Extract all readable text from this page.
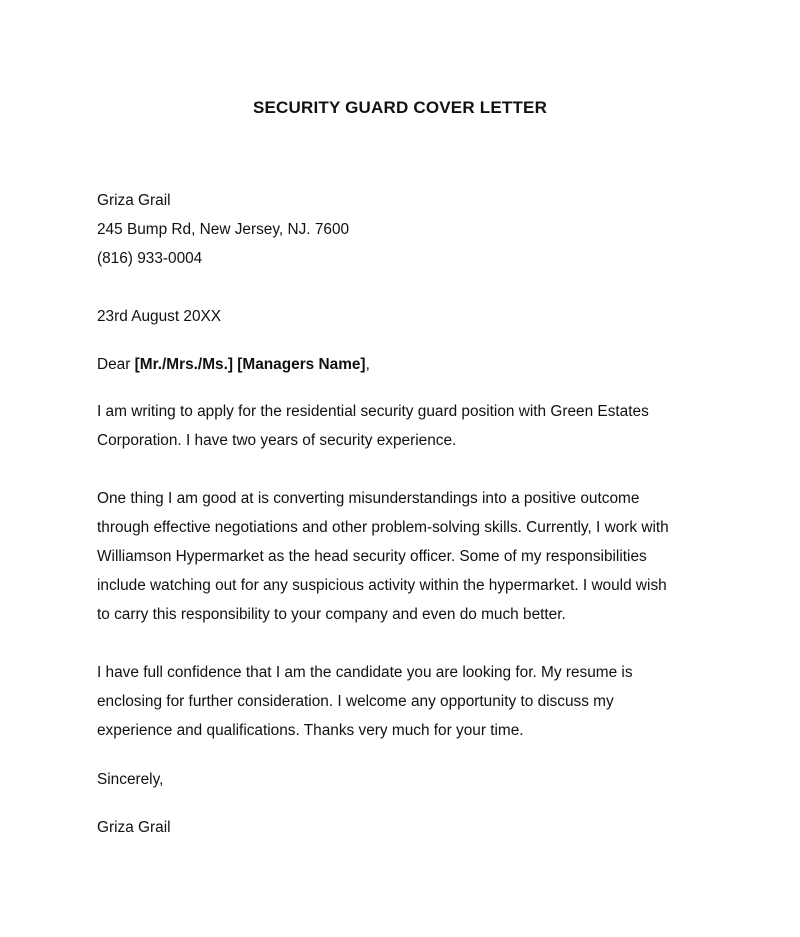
SECURITY GUARD COVER LETTER
Griza Grail
245 Bump Rd, New Jersey, NJ. 7600
(816) 933-0004
23rd August 20XX
Dear [Mr./Mrs./Ms.] [Managers Name],
I am writing to apply for the residential security guard position with Green Estates
Corporation. I have two years of security experience.
One thing I am good at is converting misunderstandings into a positive outcome
through effective negotiations and other problem-solving skills. Currently, I work with
Williamson Hypermarket as the head security officer. Some of my responsibilities
include watching out for any suspicious activity within the hypermarket. I would wish
to carry this responsibility to your company and even do much better.
I have full confidence that I am the candidate you are looking for. My resume is
enclosing for further consideration. I welcome any opportunity to discuss my
experience and qualifications. Thanks very much for your time.
Sincerely,
Griza Grail
